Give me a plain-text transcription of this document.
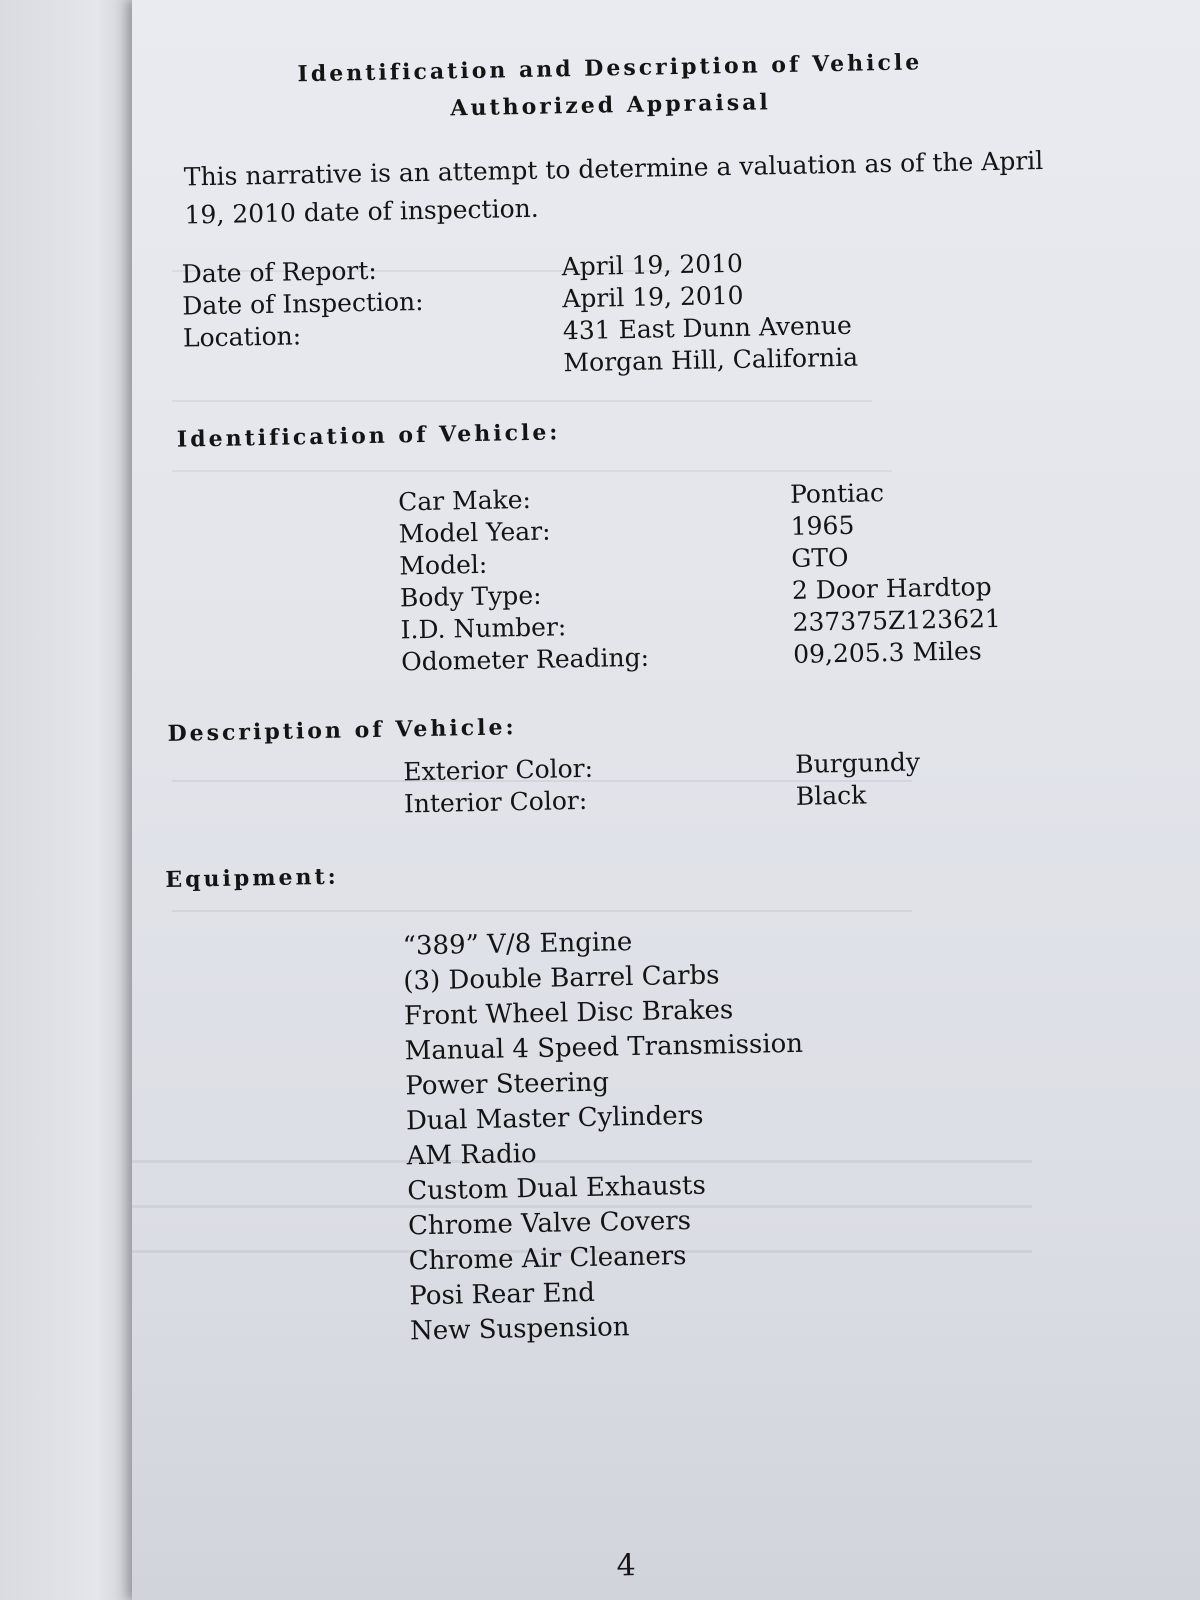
Identification and Description of Vehicle
Authorized Appraisal
This narrative is an attempt to determine a valuation as of the April 19, 2010 date of inspection.
Date of Report:	April 19, 2010
Date of Inspection:	April 19, 2010
Location:	431 East Dunn Avenue
Morgan Hill, California
Identification of Vehicle:
Car Make:	Pontiac
Model Year:	1965
Model:	GTO
Body Type:	2 Door Hardtop
I.D. Number:	237375Z123621
Odometer Reading:	09,205.3 Miles
Description of Vehicle:
Exterior Color:	Burgundy
Interior Color:	Black
Equipment:
“389” V/8 Engine
(3) Double Barrel Carbs
Front Wheel Disc Brakes
Manual 4 Speed Transmission
Power Steering
Dual Master Cylinders
AM Radio
Custom Dual Exhausts
Chrome Valve Covers
Chrome Air Cleaners
Posi Rear End
New Suspension
4
